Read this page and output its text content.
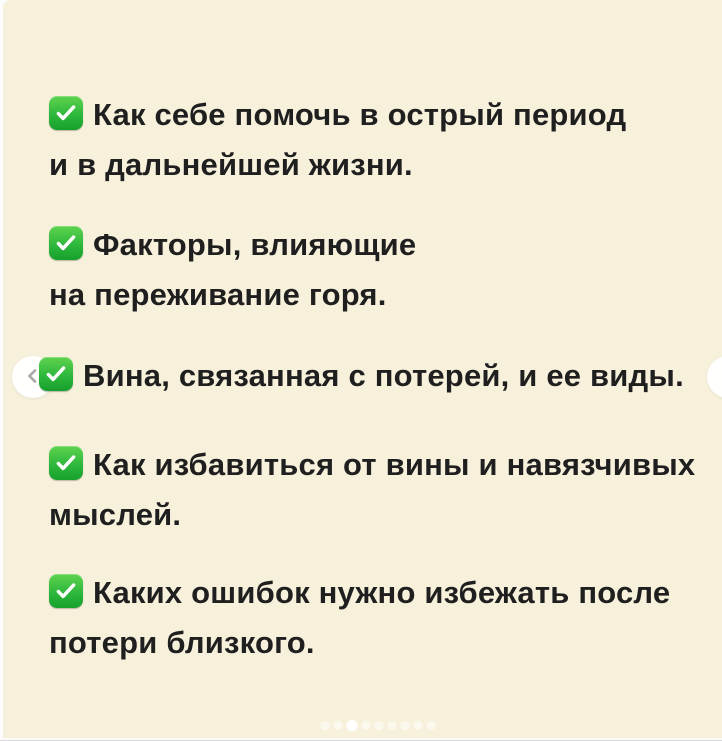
Как себе помочь в острый период
и в дальнейшей жизни.
Факторы, влияющие
на переживание горя.
Вина, связанная с потерей, и ее виды.
Как избавиться от вины и навязчивых
мыслей.
Каких ошибок нужно избежать после
потери близкого.
